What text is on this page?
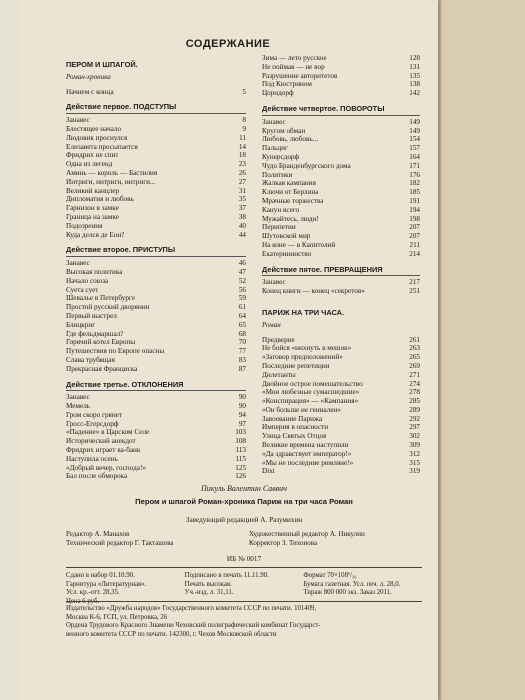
СОДЕРЖАНИЕ
ПЕРОМ И ШПАГОЙ.
Роман-хроника
Начнем с конца	5
Действие первое. ПОДСТУПЫ
Занавес	8
Блестящее начало	9
Людовик проснулся	11
Елизавета просыпается	14
Фридрих не спит	18
Одна из легенд	23
Аминь — король — Бастилия	26
Интриги, интриги, интриги...	27
Великий канцлер	31
Дипломатия и любовь	35
Гарнизон в замке	37
Граница на замке	38
Подозрения	40
Куда делся де Еон?	44
Действие второе. ПРИСТУПЫ
Занавес	46
Высокая политика	47
Начало союза	52
Суета сует	56
Шевалье в Петербурге	59
Простой русский дворянин	61
Первый выстрел	64
Блицкриг	65
Где фельдмаршал?	68
Горячий котел Европы	70
Путешествия по Европе опасны	77
Слава трубящая	83
Прекрасная Франциска	87
Действие третье. ОТКЛОНЕНИЯ
Занавес	90
Мемель	90
Гром скоро грянет	94
Гросс-Егерсдорф	97
«Падение» в Царском Селе	103
Исторический анекдот	108
Фридрих играет ва-банк	113
Наступила осень	115
«Добрый вечер, господа!»	125
Бал после обморока	126
Зима — лето русское	128
Не поймав — не вор	131
Разрушение авторитетов	135
Под Кюстрином	138
Цорндорф	142
Действие четвертое. ПОВОРОТЫ
Занавес	149
Кругом обман	149
Любовь, любовь...	154
Пальциг	157
Кунерсдорф	164
Чудо Бранденбургского дома	171
Политики	176
Жалкая кампания	182
Ключи от Берлина	185
Мрачные торжества	191
Канун всего	194
Мужайтесь, люди!	198
Перипетии	207
Шутовской мир	207
На коне — в Капитолий	211
Екатерининство	214
Действие пятое. ПРЕВРАЩЕНИЯ
Занавес	217
Конец книги — конец «секретов»	251
ПАРИЖ НА ТРИ ЧАСА.
Роман
Предверие	261
Не бойся «нихнуть в мешок»	263
«Заговор предположений»	265
Последние репетиции	269
Дилетанты	271
Двойное острое помешательство	274
«Мои любезные сумасшедшие»	278
«Конспирация» — «Кампания»	285
«Он больше не гениален»	289
Завоевание Парижа	292
Империя в опасности	297
Улица Святых Отцов	302
Великие времена наступили	309
«Да здравствует император!»	312
«Мы не последние римляне!»	315
Dixi	319
Пикуль Валентин Саввич
Пером и шпагой Роман-хроника Париж на три часа Роман
Заведующий редакцией А. Разумихин
Редактор А. Манахов	Художественный редактор А. Никулин
Технический редактор Г. Такташова	Корректор З. Тихонова
ИБ № 0017
Сдано в набор 01.10.90.	Подписано в печать 11.11.90.	Формат 70×108¹/₁₆
Гарнитура «Литературная».	Печать высокая.	Бумага газетная. Усл. печ. л. 28,0.
Усл. кр.-отт. 28,35.	Уч.-изд. л. 31,11.	Тираж 800 000 экз. Заказ 2011.
Цена 6 руб.
Издательство «Дружба народов» Государственного комитета СССР по печати. 101409,
Москва К-6, ГСП, ул. Петровка, 26
Ордена Трудового Красного Знамени Чеховский полиграфический комбинат Государст-
венного комитета СССР по печати. 142300, г. Чехов Московской области
